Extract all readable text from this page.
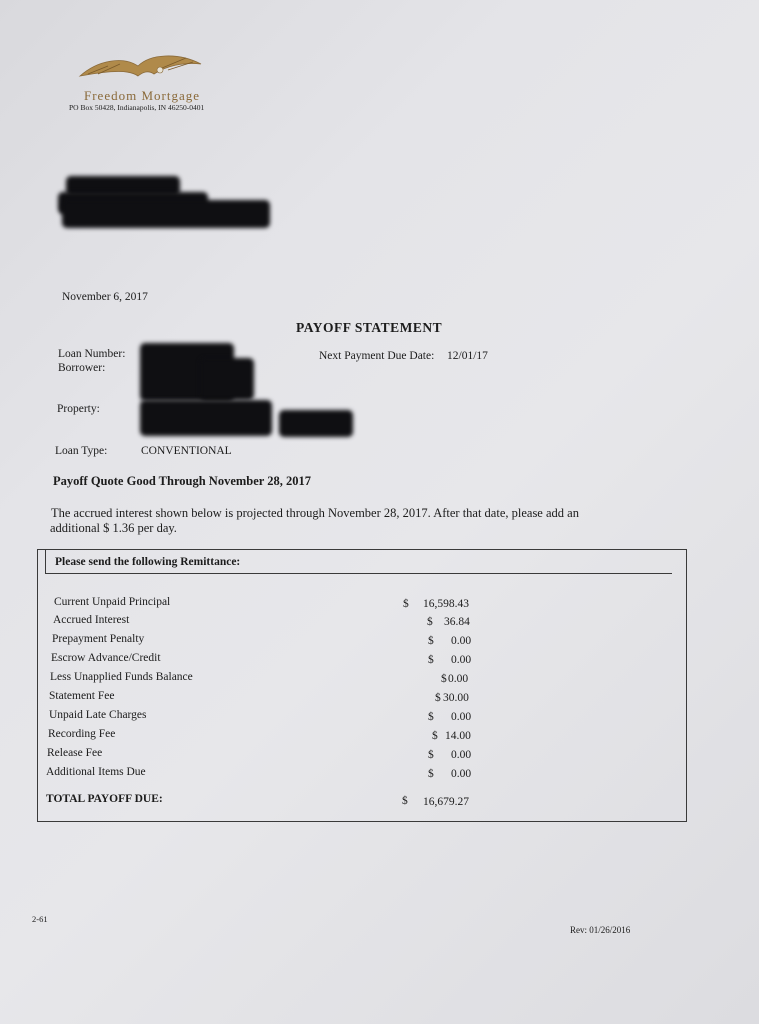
Freedom Mortgage
PO Box 50428, Indianapolis, IN 46250-0401
November 6, 2017
PAYOFF STATEMENT
Loan Number:
Borrower:
Next Payment Due Date: 12/01/17
Property:
Loan Type:	CONVENTIONAL
Payoff Quote Good Through November 28, 2017
The accrued interest shown below is projected through November 28, 2017. After that date, please add an
additional $ 1.36 per day.
Please send the following Remittance:
Current Unpaid Principal	$ 16,598.43
Accrued Interest	$ 36.84
Prepayment Penalty	$ 0.00
Escrow Advance/Credit	$ 0.00
Less Unapplied Funds Balance	$ 0.00
Statement Fee	$ 30.00
Unpaid Late Charges	$ 0.00
Recording Fee	$ 14.00
Release Fee	$ 0.00
Additional Items Due	$ 0.00
TOTAL PAYOFF DUE:	$ 16,679.27
2-61
Rev: 01/26/2016
